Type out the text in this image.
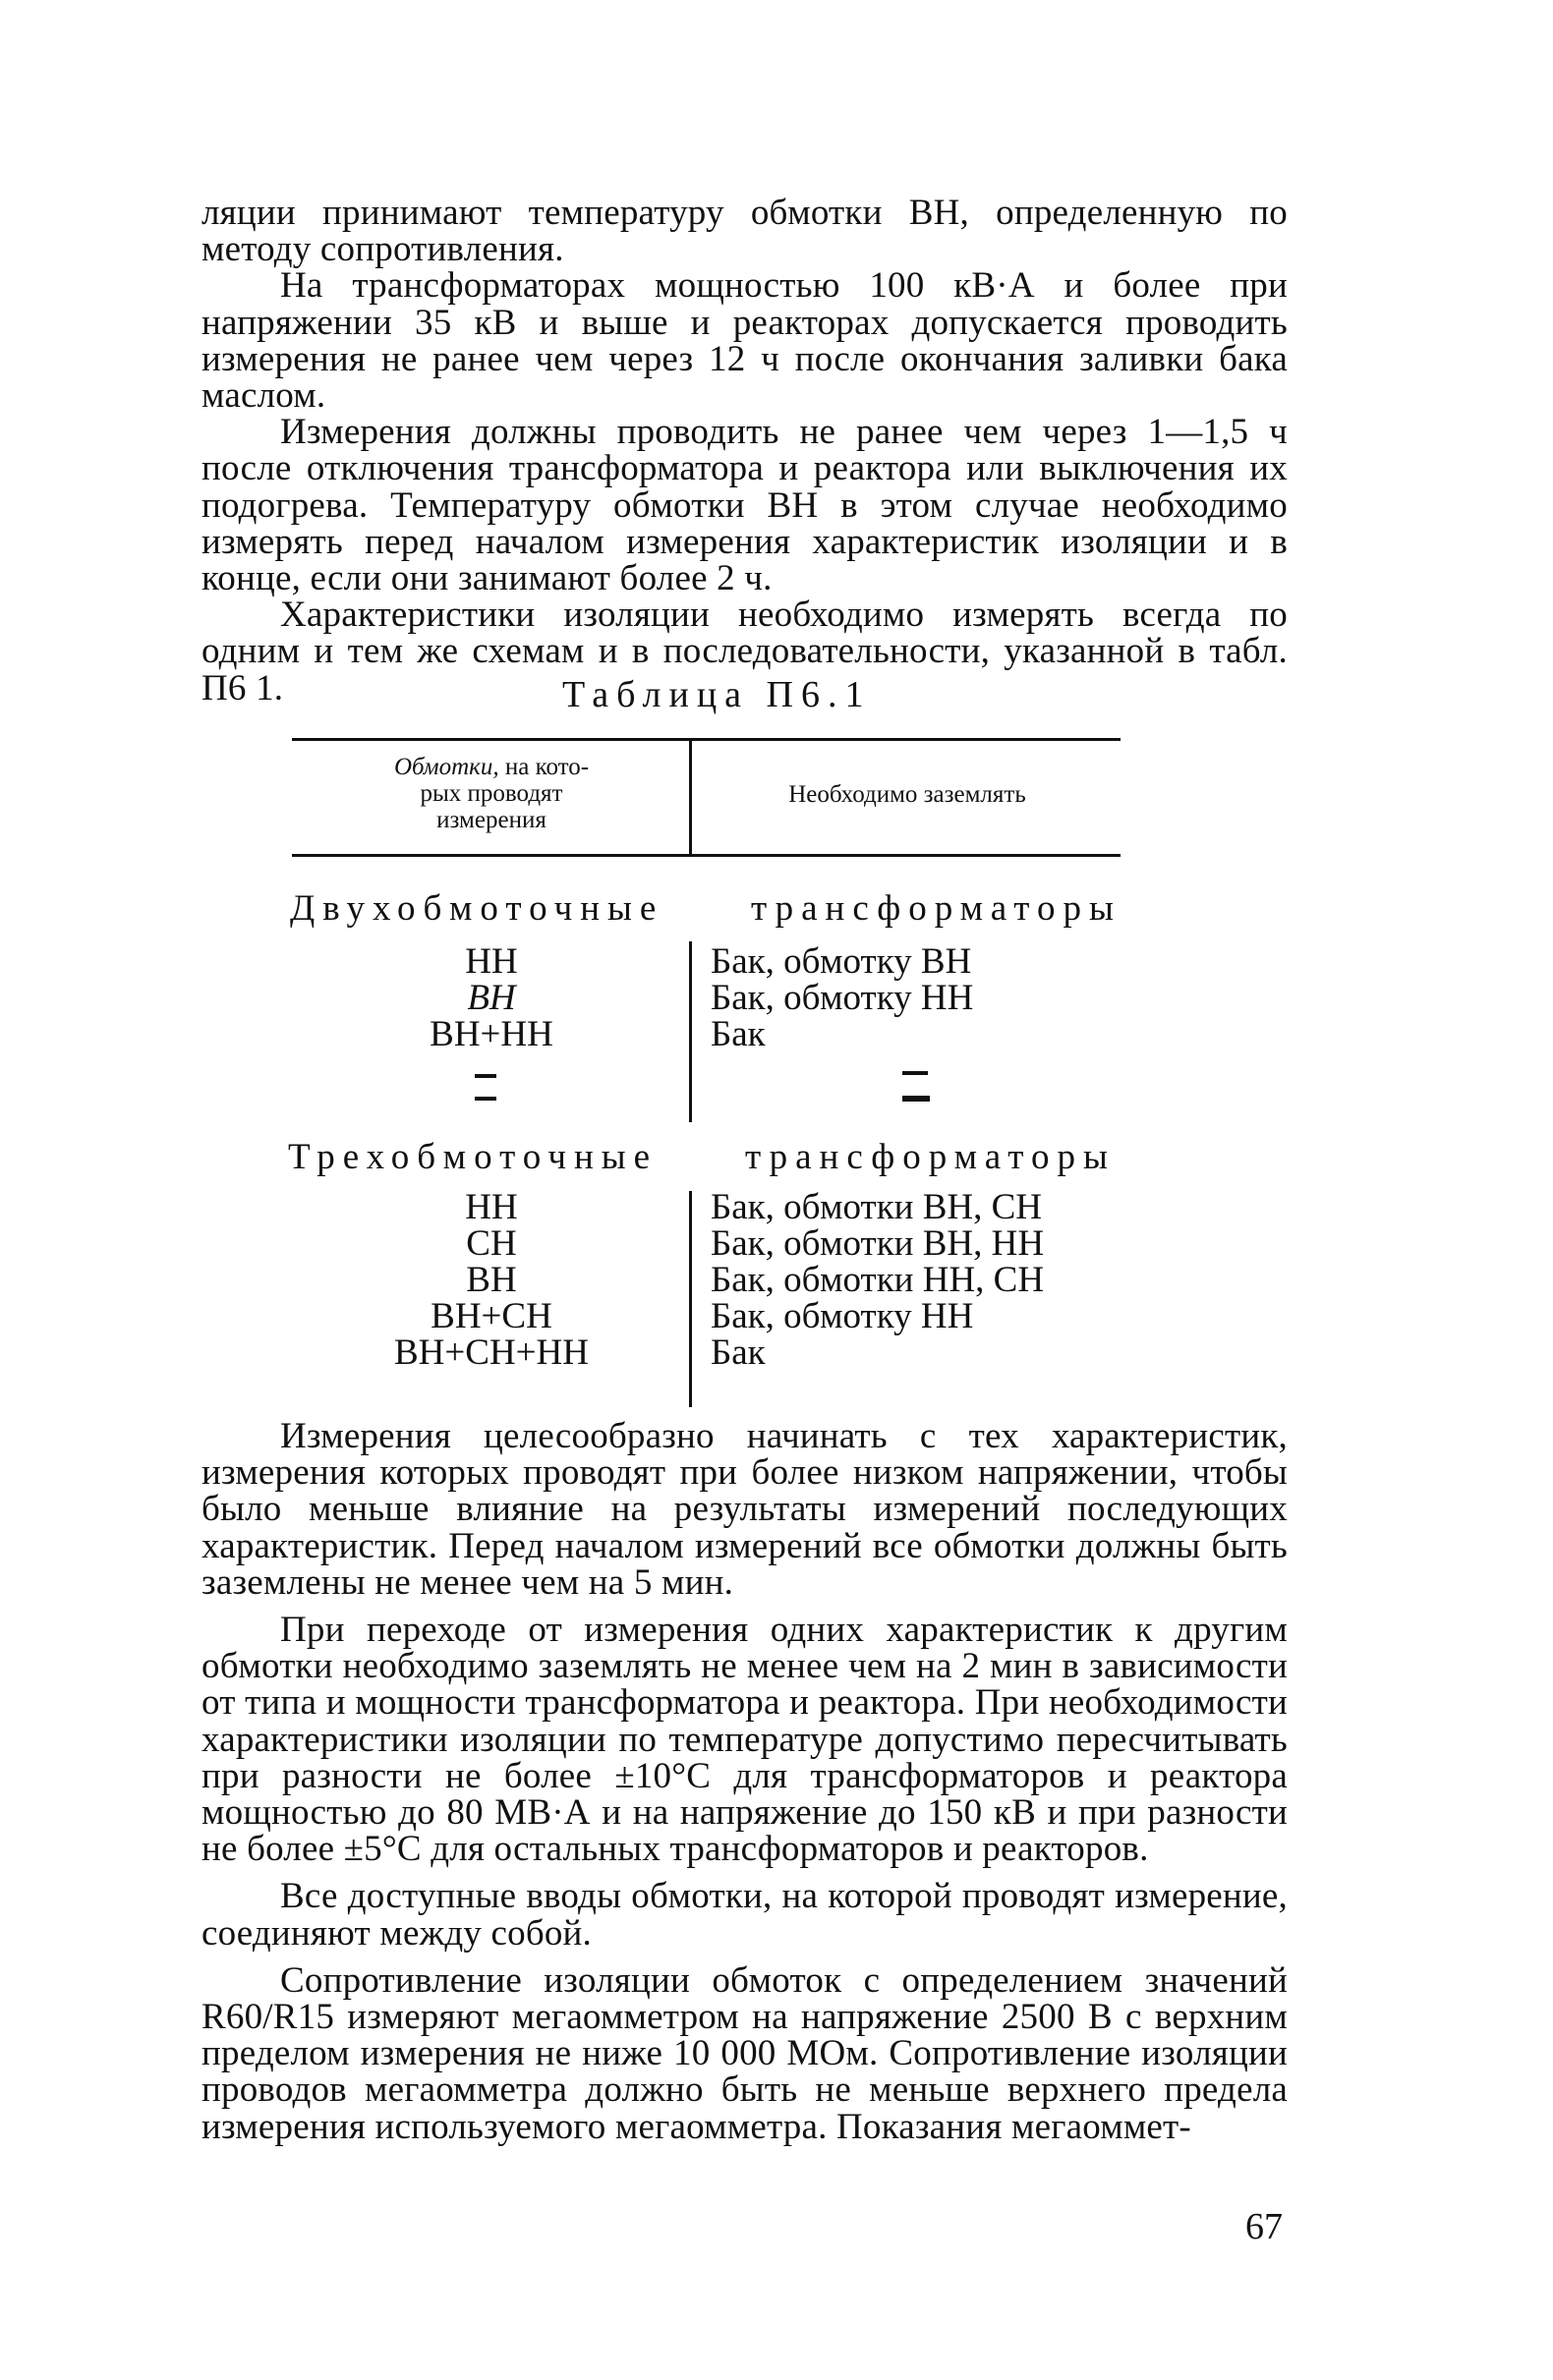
ляции принимают температуру обмотки ВН, определенную по методу сопротивления.

На трансформаторах мощностью 100 кВ·А и более при напряжении 35 кВ и выше и реакторах допускается проводить измерения не ранее чем через 12 ч после окончания заливки бака маслом.

Измерения должны проводить не ранее чем через 1—1,5 ч после отключения трансформатора и реактора или выключения их подогрева. Температуру обмотки ВН в этом случае необходимо измерять перед началом измерения характеристик изоляции и в конце, если они занимают более 2 ч.

Характеристики изоляции необходимо измерять всегда по одним и тем же схемам и в последовательности, указанной в табл. П6 1.	Таблица П6.1
Обмотки, на кото-
рых проводят
измерения
Необходимо заземлять
Двухобмоточные трансформаторы
НН
ВН
ВН+НН
Бак, обмотку ВН
Бак, обмотку НН
Бак
Трехобмоточные трансформаторы
НН
СН
ВН
ВН+СН
ВН+СН+НН
Бак, обмотки ВН, СН
Бак, обмотки ВН, НН
Бак, обмотки НН, СН
Бак, обмотку НН
Бак

Измерения целесообразно начинать с тех характеристик, измерения которых проводят при более низком напряжении, чтобы было меньше влияние на результаты измерений последующих характеристик. Перед началом измерений все обмотки должны быть заземлены не менее чем на 5 мин.

При переходе от измерения одних характеристик к другим обмотки необходимо заземлять не менее чем на 2 мин в зависимости от типа и мощности трансформатора и реактора. При необходимости характеристики изоляции по температуре допустимо пересчитывать при разности не более ±10°С для трансформаторов и реактора мощностью до 80 МВ·А и на напряжение до 150 кВ и при разности не более ±5°С для остальных трансформаторов и реакторов.

Все доступные вводы обмотки, на которой проводят измерение, соединяют между собой.

Сопротивление изоляции обмоток с определением значений R60/R15 измеряют мегаомметром на напряжение 2500 В с верхним пределом измерения не ниже 10 000 МОм. Сопротивление изоляции проводов мегаомметра должно быть не меньше верхнего предела измерения используемого мегаомметра. Показания мегаоммет-

67
